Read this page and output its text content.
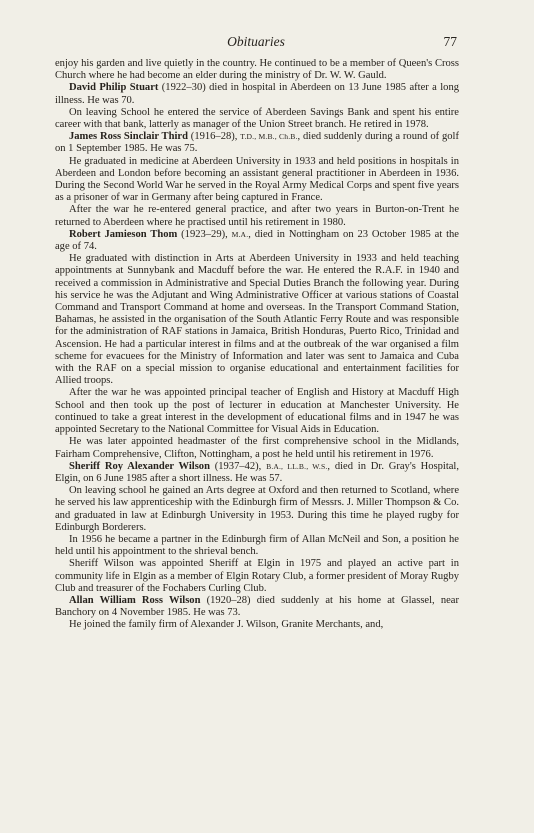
Obituaries	77

enjoy his garden and live quietly in the country. He continued to be a member of Queen's Cross Church where he had become an elder during the ministry of Dr. W. W. Gauld.

David Philip Stuart (1922–30) died in hospital in Aberdeen on 13 June 1985 after a long illness. He was 70.

On leaving School he entered the service of Aberdeen Savings Bank and spent his entire career with that bank, latterly as manager of the Union Street branch. He retired in 1978.

James Ross Sinclair Third (1916–28), T.D., M.B., Ch.B., died suddenly during a round of golf on 1 September 1985. He was 75.

He graduated in medicine at Aberdeen University in 1933 and held positions in hospitals in Aberdeen and London before becoming an assistant general practitioner in Aberdeen in 1936. During the Second World War he served in the Royal Army Medical Corps and spent five years as a prisoner of war in Germany after being captured in France.

After the war he re-entered general practice, and after two years in Burton-on-Trent he returned to Aberdeen where he practised until his retirement in 1980.

Robert Jamieson Thom (1923–29), M.A., died in Nottingham on 23 October 1985 at the age of 74.

He graduated with distinction in Arts at Aberdeen University in 1933 and held teaching appointments at Sunnybank and Macduff before the war. He entered the R.A.F. in 1940 and received a commission in Administrative and Special Duties Branch the following year. During his service he was the Adjutant and Wing Administrative Officer at various stations of Coastal Command and Transport Command at home and overseas. In the Transport Command Station, Bahamas, he assisted in the organisation of the South Atlantic Ferry Route and was responsible for the administration of RAF stations in Jamaica, British Honduras, Puerto Rico, Trinidad and Ascension. He had a particular interest in films and at the outbreak of the war organised a film scheme for evacuees for the Ministry of Information and later was sent to Jamaica and Cuba with the RAF on a special mission to organise educational and entertainment facilities for Allied troops.

After the war he was appointed principal teacher of English and History at Macduff High School and then took up the post of lecturer in education at Manchester University. He continued to take a great interest in the development of educational films and in 1947 he was appointed Secretary to the National Committee for Visual Aids in Education.

He was later appointed headmaster of the first comprehensive school in the Midlands, Fairham Comprehensive, Clifton, Nottingham, a post he held until his retirement in 1976.

Sheriff Roy Alexander Wilson (1937–42), B.A., LL.B., W.S., died in Dr. Gray's Hospital, Elgin, on 6 June 1985 after a short illness. He was 57.

On leaving school he gained an Arts degree at Oxford and then returned to Scotland, where he served his law apprenticeship with the Edinburgh firm of Messrs. J. Miller Thompson & Co. and graduated in law at Edinburgh University in 1953. During this time he played rugby for Edinburgh Borderers.

In 1956 he became a partner in the Edinburgh firm of Allan McNeil and Son, a position he held until his appointment to the shrieval bench.

Sheriff Wilson was appointed Sheriff at Elgin in 1975 and played an active part in community life in Elgin as a member of Elgin Rotary Club, a former president of Moray Rugby Club and treasurer of the Fochabers Curling Club.

Allan William Ross Wilson (1920–28) died suddenly at his home at Glassel, near Banchory on 4 November 1985. He was 73.

He joined the family firm of Alexander J. Wilson, Granite Merchants, and,
